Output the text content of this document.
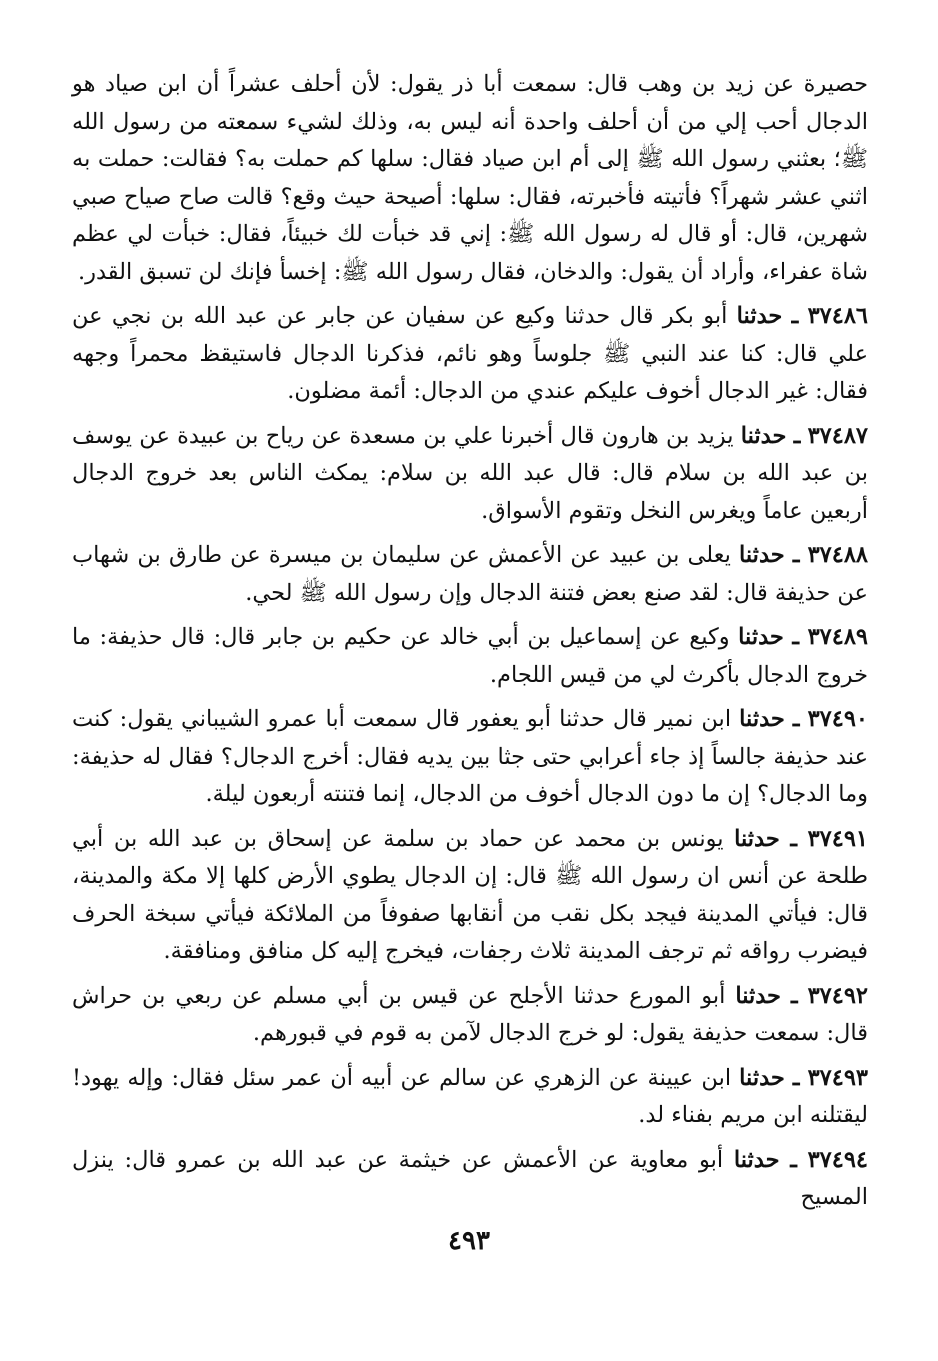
حصيرة عن زيد بن وهب قال: سمعت أبا ذر يقول: لأن أحلف عشراً أن ابن صياد هو الدجال أحب إلي من أن أحلف واحدة أنه ليس به، وذلك لشيء سمعته من رسول الله ﷺ؛ بعثني رسول الله ﷺ إلى أم ابن صياد فقال: سلها كم حملت به؟ فقالت: حملت به اثني عشر شهراً؟ فأتيته فأخبرته، فقال: سلها: أصيحة حيث وقع؟ قالت صاح صياح صبي شهرين، قال: أو قال له رسول الله ﷺ: إني قد خبأت لك خبيئاً، فقال: خبأت لي عظم شاة عفراء، وأراد أن يقول: والدخان، فقال رسول الله ﷺ: إخسأ فإنك لن تسبق القدر.

٣٧٤٨٦ ـ حدثنا أبو بكر قال حدثنا وكيع عن سفيان عن جابر عن عبد الله بن نجي عن علي قال: كنا عند النبي ﷺ جلوساً وهو نائم، فذكرنا الدجال فاستيقظ محمراً وجهه فقال: غير الدجال أخوف عليكم عندي من الدجال: أئمة مضلون.

٣٧٤٨٧ ـ حدثنا يزيد بن هارون قال أخبرنا علي بن مسعدة عن رياح بن عبيدة عن يوسف بن عبد الله بن سلام قال: قال عبد الله بن سلام: يمكث الناس بعد خروج الدجال أربعين عاماً ويغرس النخل وتقوم الأسواق.

٣٧٤٨٨ ـ حدثنا يعلى بن عبيد عن الأعمش عن سليمان بن ميسرة عن طارق بن شهاب عن حذيفة قال: لقد صنع بعض فتنة الدجال وإن رسول الله ﷺ لحي.

٣٧٤٨٩ ـ حدثنا وكيع عن إسماعيل بن أبي خالد عن حكيم بن جابر قال: قال حذيفة: ما خروج الدجال بأكرث لي من قيس اللجام.

٣٧٤٩٠ ـ حدثنا ابن نمير قال حدثنا أبو يعفور قال سمعت أبا عمرو الشيباني يقول: كنت عند حذيفة جالساً إذ جاء أعرابي حتى جثا بين يديه فقال: أخرج الدجال؟ فقال له حذيفة: وما الدجال؟ إن ما دون الدجال أخوف من الدجال، إنما فتنته أربعون ليلة.

٣٧٤٩١ ـ حدثنا يونس بن محمد عن حماد بن سلمة عن إسحاق بن عبد الله بن أبي طلحة عن أنس ان رسول الله ﷺ قال: إن الدجال يطوي الأرض كلها إلا مكة والمدينة، قال: فيأتي المدينة فيجد بكل نقب من أنقابها صفوفاً من الملائكة فيأتي سبخة الحرف فيضرب رواقه ثم ترجف المدينة ثلاث رجفات، فيخرج إليه كل منافق ومنافقة.

٣٧٤٩٢ ـ حدثنا أبو المورع حدثنا الأجلح عن قيس بن أبي مسلم عن ربعي بن حراش قال: سمعت حذيفة يقول: لو خرج الدجال لآمن به قوم في قبورهم.

٣٧٤٩٣ ـ حدثنا ابن عيينة عن الزهري عن سالم عن أبيه أن عمر سئل فقال: وإله يهود! ليقتلنه ابن مريم بفناء لد.

٣٧٤٩٤ ـ حدثنا أبو معاوية عن الأعمش عن خيثمة عن عبد الله بن عمرو قال: ينزل المسيح

٤٩٣
